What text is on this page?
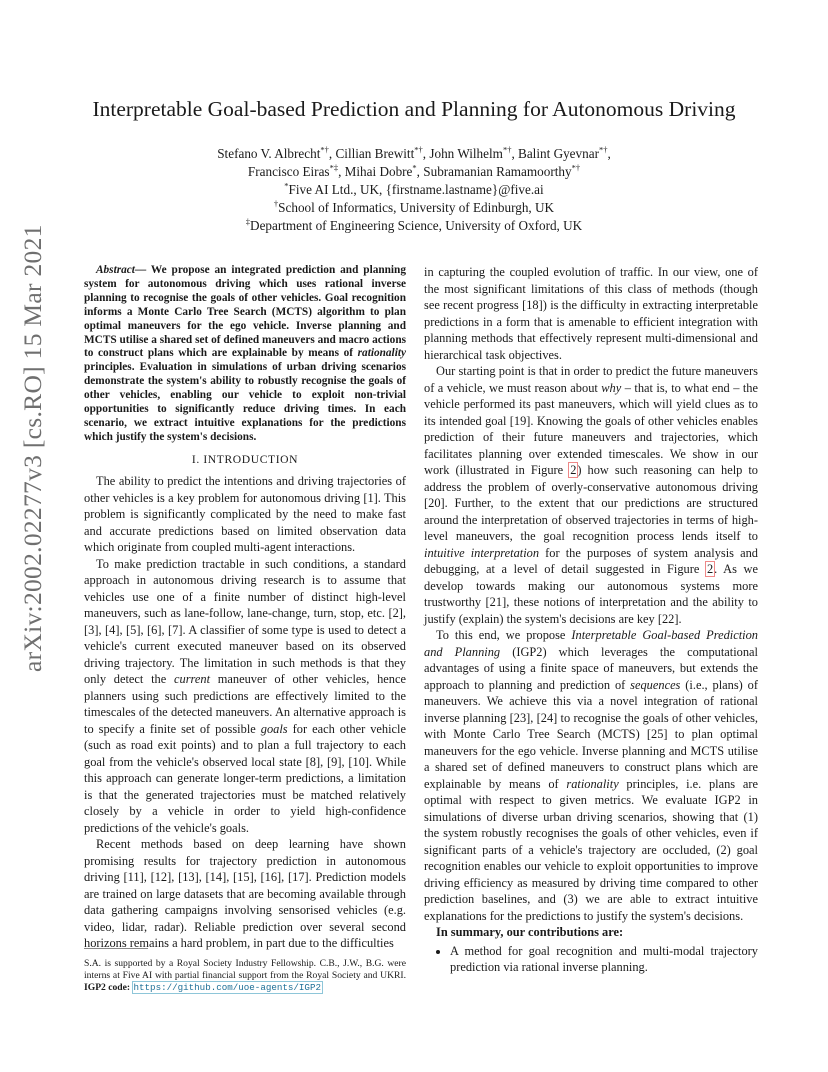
arXiv:2002.02277v3 [cs.RO] 15 Mar 2021
Interpretable Goal-based Prediction and Planning for Autonomous Driving
Stefano V. Albrecht*†, Cillian Brewitt*†, John Wilhelm*†, Balint Gyevnar*†,
Francisco Eiras*‡, Mihai Dobre*, Subramanian Ramamoorthy*†
*Five AI Ltd., UK, {firstname.lastname}@five.ai
†School of Informatics, University of Edinburgh, UK
‡Department of Engineering Science, University of Oxford, UK

Abstract— We propose an integrated prediction and planning system for autonomous driving which uses rational inverse planning to recognise the goals of other vehicles. Goal recognition informs a Monte Carlo Tree Search (MCTS) algorithm to plan optimal maneuvers for the ego vehicle. Inverse planning and MCTS utilise a shared set of defined maneuvers and macro actions to construct plans which are explainable by means of rationality principles. Evaluation in simulations of urban driving scenarios demonstrate the system's ability to robustly recognise the goals of other vehicles, enabling our vehicle to exploit non-trivial opportunities to significantly reduce driving times. In each scenario, we extract intuitive explanations for the predictions which justify the system's decisions.

I. INTRODUCTION

The ability to predict the intentions and driving trajectories of other vehicles is a key problem for autonomous driving [1]. This problem is significantly complicated by the need to make fast and accurate predictions based on limited observation data which originate from coupled multi-agent interactions.

To make prediction tractable in such conditions, a standard approach in autonomous driving research is to assume that vehicles use one of a finite number of distinct high-level maneuvers, such as lane-follow, lane-change, turn, stop, etc. [2], [3], [4], [5], [6], [7]. A classifier of some type is used to detect a vehicle's current executed maneuver based on its observed driving trajectory. The limitation in such methods is that they only detect the current maneuver of other vehicles, hence planners using such predictions are effectively limited to the timescales of the detected maneuvers. An alternative approach is to specify a finite set of possible goals for each other vehicle (such as road exit points) and to plan a full trajectory to each goal from the vehicle's observed local state [8], [9], [10]. While this approach can generate longer-term predictions, a limitation is that the generated trajectories must be matched relatively closely by a vehicle in order to yield high-confidence predictions of the vehicle's goals.

Recent methods based on deep learning have shown promising results for trajectory prediction in autonomous driving [11], [12], [13], [14], [15], [16], [17]. Prediction models are trained on large datasets that are becoming available through data gathering campaigns involving sensorised vehicles (e.g. video, lidar, radar). Reliable prediction over several second horizons remains a hard problem, in part due to the difficulties

S.A. is supported by a Royal Society Industry Fellowship. C.B., J.W., B.G. were interns at Five AI with partial financial support from the Royal Society and UKRI. IGP2 code: https://github.com/uoe-agents/IGP2

in capturing the coupled evolution of traffic. In our view, one of the most significant limitations of this class of methods (though see recent progress [18]) is the difficulty in extracting interpretable predictions in a form that is amenable to efficient integration with planning methods that effectively represent multi-dimensional and hierarchical task objectives.

Our starting point is that in order to predict the future maneuvers of a vehicle, we must reason about why – that is, to what end – the vehicle performed its past maneuvers, which will yield clues as to its intended goal [19]. Knowing the goals of other vehicles enables prediction of their future maneuvers and trajectories, which facilitates planning over extended timescales. We show in our work (illustrated in Figure 2) how such reasoning can help to address the problem of overly-conservative autonomous driving [20]. Further, to the extent that our predictions are structured around the interpretation of observed trajectories in terms of high-level maneuvers, the goal recognition process lends itself to intuitive interpretation for the purposes of system analysis and debugging, at a level of detail suggested in Figure 2. As we develop towards making our autonomous systems more trustworthy [21], these notions of interpretation and the ability to justify (explain) the system's decisions are key [22].

To this end, we propose Interpretable Goal-based Prediction and Planning (IGP2) which leverages the computational advantages of using a finite space of maneuvers, but extends the approach to planning and prediction of sequences (i.e., plans) of maneuvers. We achieve this via a novel integration of rational inverse planning [23], [24] to recognise the goals of other vehicles, with Monte Carlo Tree Search (MCTS) [25] to plan optimal maneuvers for the ego vehicle. Inverse planning and MCTS utilise a shared set of defined maneuvers to construct plans which are explainable by means of rationality principles, i.e. plans are optimal with respect to given metrics. We evaluate IGP2 in simulations of diverse urban driving scenarios, showing that (1) the system robustly recognises the goals of other vehicles, even if significant parts of a vehicle's trajectory are occluded, (2) goal recognition enables our vehicle to exploit opportunities to improve driving efficiency as measured by driving time compared to other prediction baselines, and (3) we are able to extract intuitive explanations for the predictions to justify the system's decisions.

In summary, our contributions are:

• A method for goal recognition and multi-modal trajectory prediction via rational inverse planning.
